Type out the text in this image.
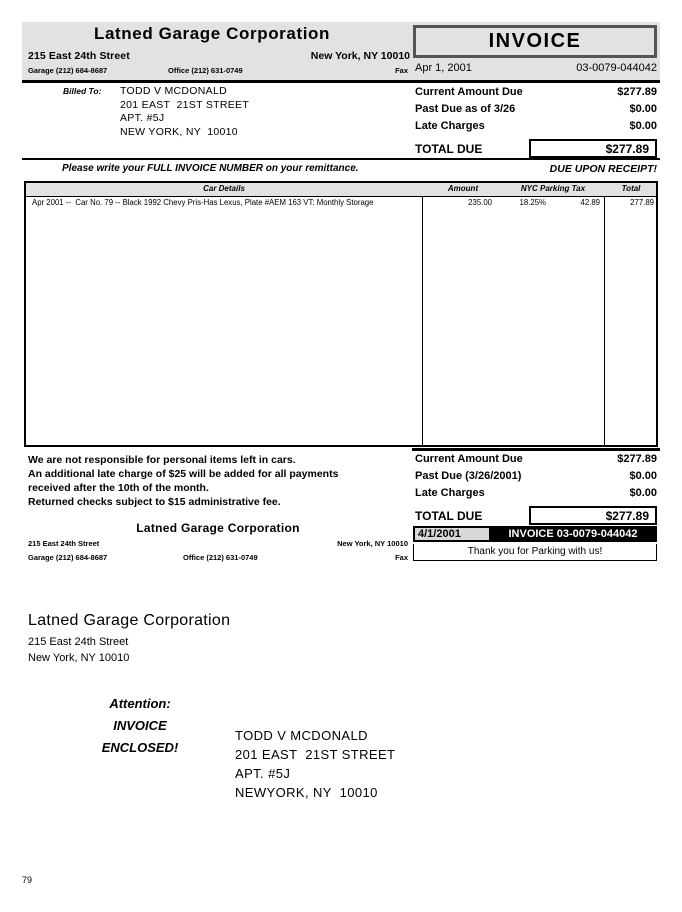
Latned Garage Corporation
215 East 24th Street	New York, NY 10010
Garage (212) 684-8687	Office (212) 631-0749	Fax
INVOICE
Apr 1, 2001	03-0079-044042
Billed To: TODD V MCDONALD
201 EAST  21ST STREET
APT. #5J
NEW YORK, NY  10010
Current Amount Due	$277.89
Past Due as of 3/26	$0.00
Late Charges	$0.00
TOTAL DUE	$277.89
Please write your FULL INVOICE NUMBER on your remittance.	DUE UPON RECEIPT!
Car Details	Amount	NYC Parking Tax	Total
Apr 2001 --  Car No. 79 -- Black 1992 Chevy Pris-Has Lexus, Plate #AEM 163 VT: Monthly Storage	235.00	18.25%	42.89	277.89
We are not responsible for personal items left in cars.
An additional late charge of $25 will be added for all payments
received after the 10th of the month.
Returned checks subject to $15 administrative fee.
Current Amount Due	$277.89
Past Due (3/26/2001)	$0.00
Late Charges	$0.00
TOTAL DUE	$277.89
Latned Garage Corporation
215 East 24th Street	New York, NY 10010
Garage (212) 684-8687	Office (212) 631-0749	Fax
4/1/2001	INVOICE 03-0079-044042
Thank you for Parking with us!
Latned Garage Corporation
215 East 24th Street
New York, NY 10010
Attention:
INVOICE
ENCLOSED!
TODD V MCDONALD
201 EAST  21ST STREET
APT. #5J
NEWYORK, NY  10010
79
